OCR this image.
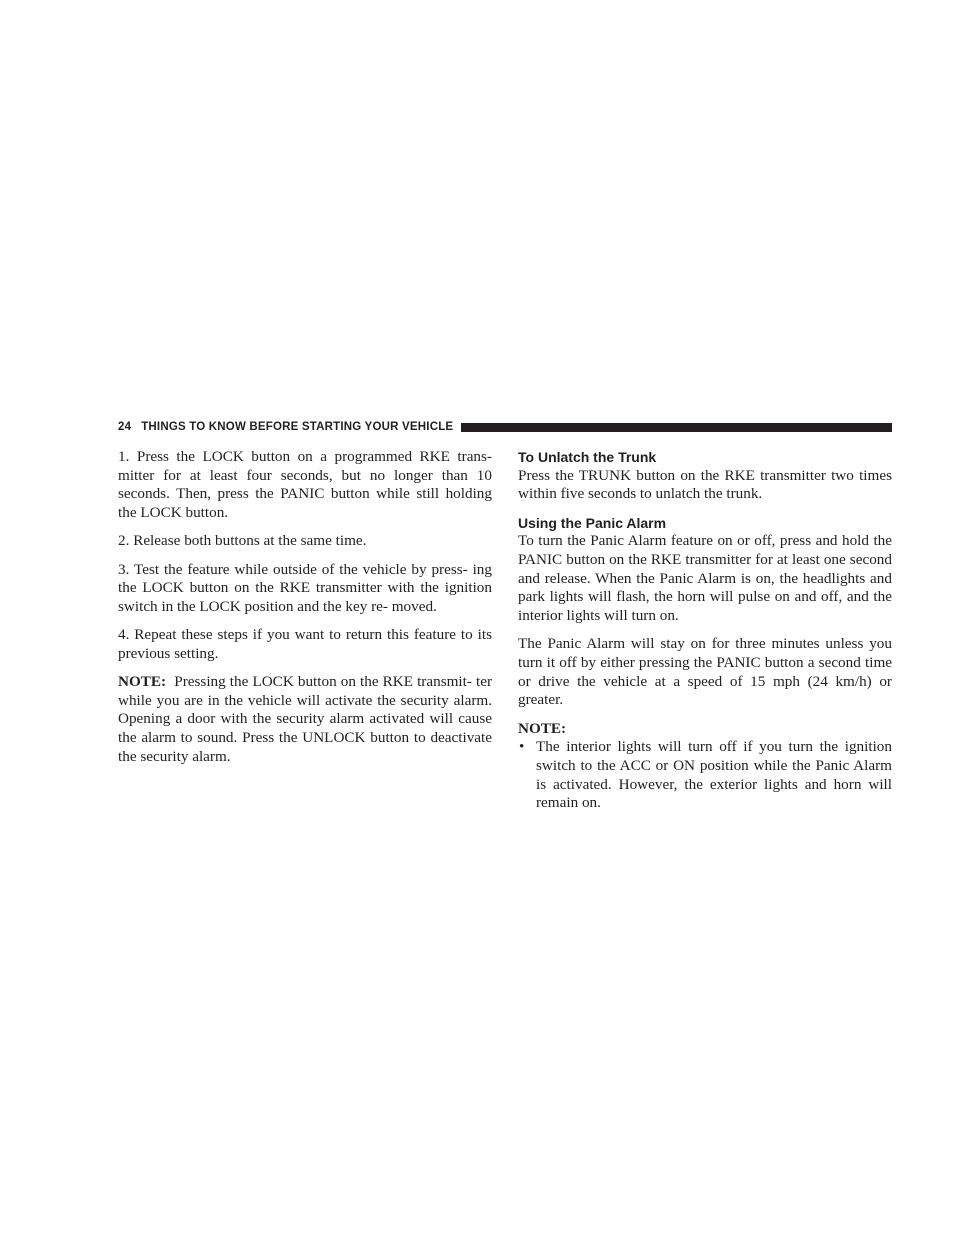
24 THINGS TO KNOW BEFORE STARTING YOUR VEHICLE

1. Press the LOCK button on a programmed RKE trans- mitter for at least four seconds, but no longer than 10 seconds. Then, press the PANIC button while still holding the LOCK button.

2. Release both buttons at the same time.

3. Test the feature while outside of the vehicle by press- ing the LOCK button on the RKE transmitter with the ignition switch in the LOCK position and the key re- moved.

4. Repeat these steps if you want to return this feature to its previous setting.

NOTE: Pressing the LOCK button on the RKE transmit- ter while you are in the vehicle will activate the security alarm. Opening a door with the security alarm activated will cause the alarm to sound. Press the UNLOCK button to deactivate the security alarm.

To Unlatch the Trunk

Press the TRUNK button on the RKE transmitter two times within five seconds to unlatch the trunk.

Using the Panic Alarm

To turn the Panic Alarm feature on or off, press and hold the PANIC button on the RKE transmitter for at least one second and release. When the Panic Alarm is on, the headlights and park lights will flash, the horn will pulse on and off, and the interior lights will turn on.

The Panic Alarm will stay on for three minutes unless you turn it off by either pressing the PANIC button a second time or drive the vehicle at a speed of 15 mph (24 km/h) or greater.

NOTE:
• The interior lights will turn off if you turn the ignition switch to the ACC or ON position while the Panic Alarm is activated. However, the exterior lights and horn will remain on.
